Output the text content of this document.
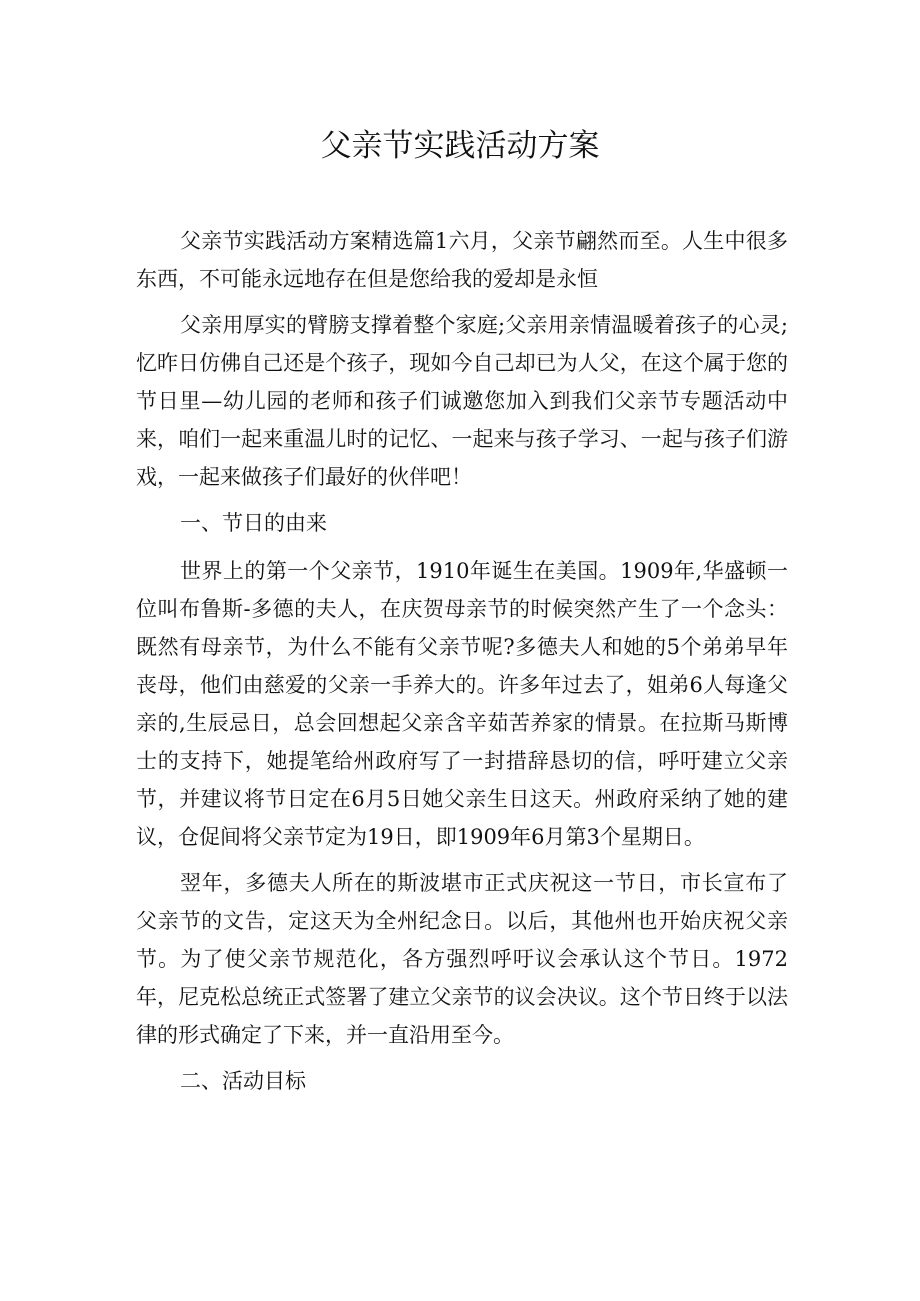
父亲节实践活动方案

父亲节实践活动方案精选篇1六月，父亲节翩然而至。人生中很多东西，不可能永远地存在但是您给我的爱却是永恒

父亲用厚实的臂膀支撑着整个家庭;父亲用亲情温暖着孩子的心灵;忆昨日仿佛自己还是个孩子，现如今自己却已为人父，在这个属于您的节日里—幼儿园的老师和孩子们诚邀您加入到我们父亲节专题活动中来，咱们一起来重温儿时的记忆、一起来与孩子学习、一起与孩子们游戏，一起来做孩子们最好的伙伴吧！

一、节日的由来

世界上的第一个父亲节，1910年诞生在美国。1909年,华盛顿一位叫布鲁斯-多德的夫人，在庆贺母亲节的时候突然产生了一个念头：既然有母亲节，为什么不能有父亲节呢?多德夫人和她的5个弟弟早年丧母，他们由慈爱的父亲一手养大的。许多年过去了，姐弟6人每逢父亲的,生辰忌日，总会回想起父亲含辛茹苦养家的情景。在拉斯马斯博士的支持下，她提笔给州政府写了一封措辞恳切的信，呼吁建立父亲节，并建议将节日定在6月5日她父亲生日这天。州政府采纳了她的建议，仓促间将父亲节定为19日，即1909年6月第3个星期日。

翌年，多德夫人所在的斯波堪市正式庆祝这一节日，市长宣布了父亲节的文告，定这天为全州纪念日。以后，其他州也开始庆祝父亲节。为了使父亲节规范化，各方强烈呼吁议会承认这个节日。1972年，尼克松总统正式签署了建立父亲节的议会决议。这个节日终于以法律的形式确定了下来，并一直沿用至今。

二、活动目标
